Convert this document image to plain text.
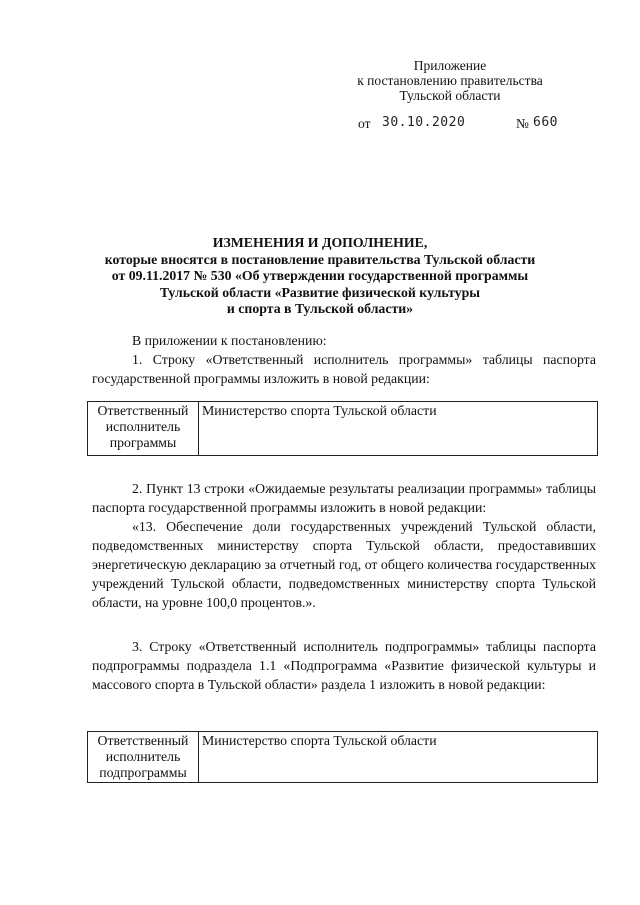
Приложение
к постановлению правительства
Тульской области
от 30.10.2020	№ 660
ИЗМЕНЕНИЯ И ДОПОЛНЕНИЕ,
которые вносятся в постановление правительства Тульской области
от 09.11.2017 № 530 «Об утверждении государственной программы
Тульской области «Развитие физической культуры
и спорта в Тульской области»
В приложении к постановлению:
1. Строку «Ответственный исполнитель программы» таблицы паспорта государственной программы изложить в новой редакции:
Ответственный исполнитель программы	Министерство спорта Тульской области
2. Пункт 13 строки «Ожидаемые результаты реализации программы» таблицы паспорта государственной программы изложить в новой редакции:
«13. Обеспечение доли государственных учреждений Тульской области, подведомственных министерству спорта Тульской области, предоставивших энергетическую декларацию за отчетный год, от общего количества государственных учреждений Тульской области, подведомственных министерству спорта Тульской области, на уровне 100,0 процентов.».
3. Строку «Ответственный исполнитель подпрограммы» таблицы паспорта подпрограммы подраздела 1.1 «Подпрограмма «Развитие физической культуры и массового спорта в Тульской области» раздела 1 изложить в новой редакции:
Ответственный исполнитель подпрограммы	Министерство спорта Тульской области
